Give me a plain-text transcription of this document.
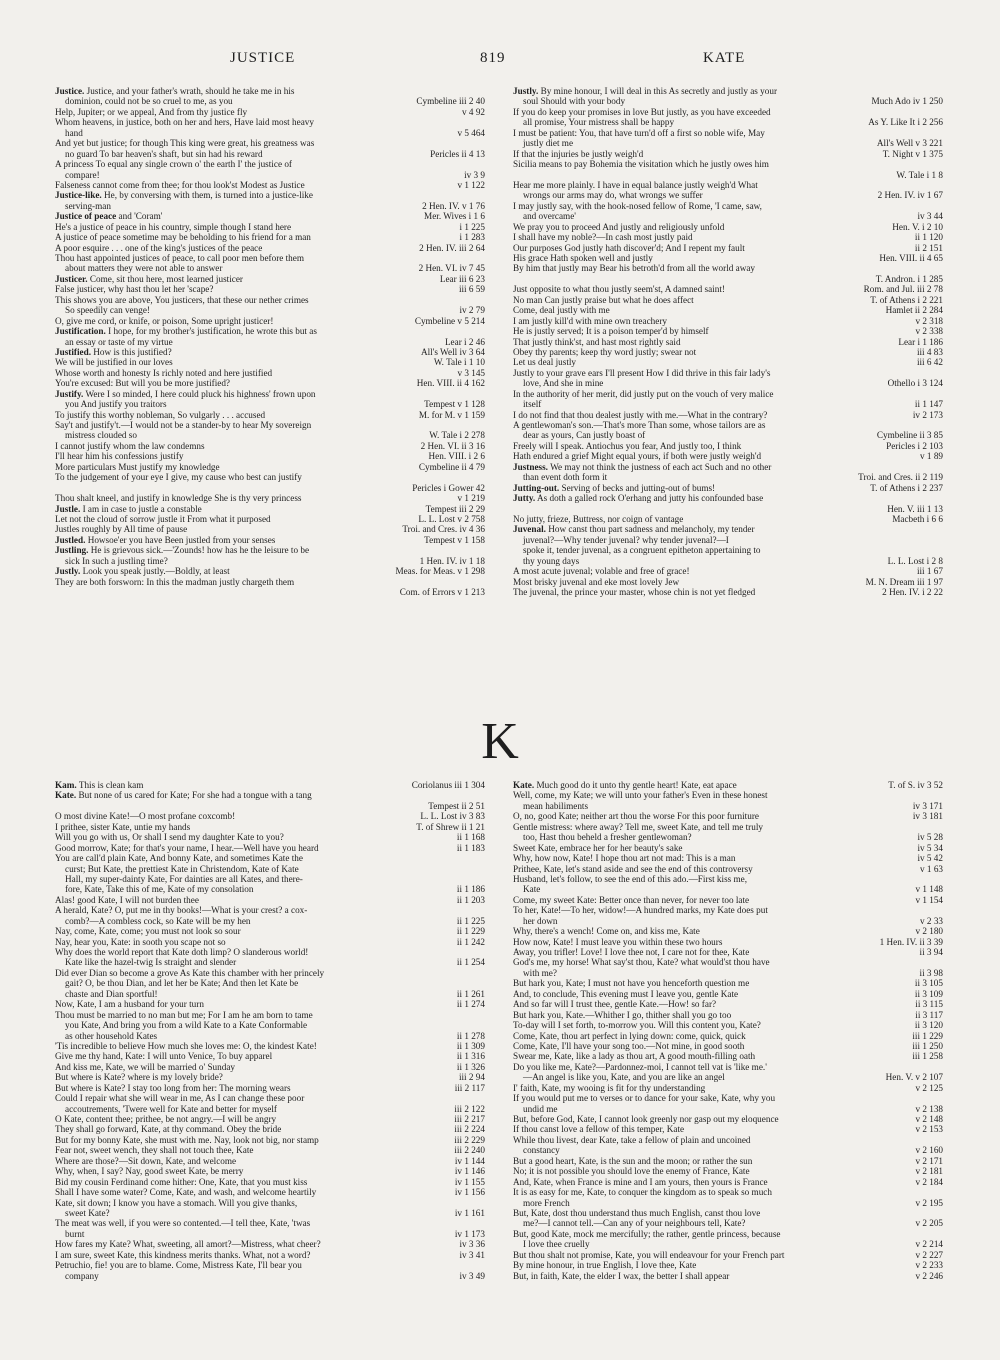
JUSTICE	819	KATE
Justice. Justice, and your father's wrath, should he take me in his
dominion, could not be so cruel to me, as you	Cymbeline iii 2 40
Help, Jupiter; or we appeal, And from thy justice fly	v 4 92
Whom heavens, in justice, both on her and hers, Have laid most heavy
hand	v 5 464
And yet but justice; for though This king were great, his greatness was
no guard To bar heaven's shaft, but sin had his reward	Pericles ii 4 13
A princess To equal any single crown o' the earth I' the justice of
compare!	iv 3 9
Falseness cannot come from thee; for thou look'st Modest as Justice	v 1 122
Justice-like. He, by conversing with them, is turned into a justice-like
serving-man	2 Hen. IV. v 1 76
Justice of peace and 'Coram'	Mer. Wives i 1 6
He's a justice of peace in his country, simple though I stand here	i 1 225
A justice of peace sometime may be beholding to his friend for a man	i 1 283
A poor esquire . . . one of the king's justices of the peace	2 Hen. IV. iii 2 64
Thou hast appointed justices of peace, to call poor men before them
about matters they were not able to answer	2 Hen. VI. iv 7 45
Justicer. Come, sit thou here, most learned justicer	Lear iii 6 23
False justicer, why hast thou let her 'scape?	iii 6 59
This shows you are above, You justicers, that these our nether crimes
So speedily can venge!	iv 2 79
O, give me cord, or knife, or poison, Some upright justicer!	Cymbeline v 5 214
Justification. I hope, for my brother's justification, he wrote this but as
an essay or taste of my virtue	Lear i 2 46
Justified. How is this justified?	All's Well iv 3 64
We will be justified in our loves	W. Tale i 1 10
Whose worth and honesty Is richly noted and here justified	v 3 145
You're excused: But will you be more justified?	Hen. VIII. ii 4 162
Justify. Were I so minded, I here could pluck his highness' frown upon
you And justify you traitors	Tempest v 1 128
To justify this worthy nobleman, So vulgarly . . . accused	M. for M. v 1 159
Say't and justify't.—I would not be a stander-by to hear My sovereign
mistress clouded so	W. Tale i 2 278
I cannot justify whom the law condemns	2 Hen. VI. ii 3 16
I'll hear him his confessions justify	Hen. VIII. i 2 6
More particulars Must justify my knowledge	Cymbeline ii 4 79
To the judgement of your eye I give, my cause who best can justify
Pericles i Gower 42
Thou shalt kneel, and justify in knowledge She is thy very princess	v 1 219
Justle. I am in case to justle a constable	Tempest iii 2 29
Let not the cloud of sorrow justle it From what it purposed	L. L. Lost v 2 758
Justles roughly by All time of pause	Troi. and Cres. iv 4 36
Justled. Howsoe'er you have Been justled from your senses	Tempest v 1 158
Justling. He is grievous sick.—'Zounds! how has he the leisure to be
sick In such a justling time?	1 Hen. IV. iv 1 18
Justly. Look you speak justly.—Boldly, at least	Meas. for Meas. v 1 298
They are both forsworn: In this the madman justly chargeth them
Com. of Errors v 1 213
Justly. By mine honour, I will deal in this As secretly and justly as your
soul Should with your body	Much Ado iv 1 250
If you do keep your promises in love But justly, as you have exceeded
all promise, Your mistress shall be happy	As Y. Like It i 2 256
I must be patient: You, that have turn'd off a first so noble wife, May
justly diet me	All's Well v 3 221
If that the injuries be justly weigh'd	T. Night v 1 375
Sicilia means to pay Bohemia the visitation which he justly owes him
W. Tale i 1 8
Hear me more plainly. I have in equal balance justly weigh'd What
wrongs our arms may do, what wrongs we suffer	2 Hen. IV. iv 1 67
I may justly say, with the hook-nosed fellow of Rome, 'I came, saw,
and overcame'	iv 3 44
We pray you to proceed And justly and religiously unfold	Hen. V. i 2 10
I shall have my noble?—In cash most justly paid	ii 1 120
Our purposes God justly hath discover'd; And I repent my fault	ii 2 151
His grace Hath spoken well and justly	Hen. VIII. ii 4 65
By him that justly may Bear his betroth'd from all the world away
T. Andron. i 1 285
Just opposite to what thou justly seem'st, A damned saint!	Rom. and Jul. iii 2 78
No man Can justly praise but what he does affect	T. of Athens i 2 221
Come, deal justly with me	Hamlet ii 2 284
I am justly kill'd with mine own treachery	v 2 318
He is justly served; It is a poison temper'd by himself	v 2 338
That justly think'st, and hast most rightly said	Lear i 1 186
Obey thy parents; keep thy word justly; swear not	iii 4 83
Let us deal justly	iii 6 42
Justly to your grave ears I'll present How I did thrive in this fair lady's
love, And she in mine	Othello i 3 124
In the authority of her merit, did justly put on the vouch of very malice
itself	ii 1 147
I do not find that thou dealest justly with me.—What in the contrary?	iv 2 173
A gentlewoman's son.—That's more Than some, whose tailors are as
dear as yours, Can justly boast of	Cymbeline ii 3 85
Freely will I speak. Antiochus you fear, And justly too, I think	Pericles i 2 103
Hath endured a grief Might equal yours, if both were justly weigh'd	v 1 89
Justness. We may not think the justness of each act Such and no other
than event doth form it	Troi. and Cres. ii 2 119
Jutting-out. Serving of becks and jutting-out of bums!	T. of Athens i 2 237
Jutty. As doth a galled rock O'erhang and jutty his confounded base
Hen. V. iii 1 13
No jutty, frieze, Buttress, nor coign of vantage	Macbeth i 6 6
Juvenal. How canst thou part sadness and melancholy, my tender
juvenal?—Why tender juvenal? why tender juvenal?—I
spoke it, tender juvenal, as a congruent epitheton appertaining to
thy young days	L. L. Lost i 2 8
A most acute juvenal; volable and free of grace!	iii 1 67
Most brisky juvenal and eke most lovely Jew	M. N. Dream iii 1 97
The juvenal, the prince your master, whose chin is not yet fledged	2 Hen. IV. i 2 22
K
Kam. This is clean kam	Coriolanus iii 1 304
Kate. But none of us cared for Kate; For she had a tongue with a tang
Tempest ii 2 51
O most divine Kate!—O most profane coxcomb!	L. L. Lost iv 3 83
I prithee, sister Kate, untie my hands	T. of Shrew ii 1 21
Will you go with us, Or shall I send my daughter Kate to you?	ii 1 168
Good morrow, Kate; for that's your name, I hear.—Well have you heard	ii 1 183
You are call'd plain Kate, And bonny Kate, and sometimes Kate the
curst; But Kate, the prettiest Kate in Christendom, Kate of Kate
Hall, my super-dainty Kate, For dainties are all Kates, and there-
fore, Kate, Take this of me, Kate of my consolation	ii 1 186
Alas! good Kate, I will not burden thee	ii 1 203
A herald, Kate? O, put me in thy books!—What is your crest? a cox-
comb?—A combless cock, so Kate will be my hen	ii 1 225
Nay, come, Kate, come; you must not look so sour	ii 1 229
Nay, hear you, Kate: in sooth you scape not so	ii 1 242
Why does the world report that Kate doth limp? O slanderous world!
Kate like the hazel-twig Is straight and slender	ii 1 254
Did ever Dian so become a grove As Kate this chamber with her princely
gait? O, be thou Dian, and let her be Kate; And then let Kate be
chaste and Dian sportful!	ii 1 261
Now, Kate, I am a husband for your turn	ii 1 274
Thou must be married to no man but me; For I am he am born to tame
you Kate, And bring you from a wild Kate to a Kate Conformable
as other household Kates	ii 1 278
'Tis incredible to believe How much she loves me: O, the kindest Kate!	ii 1 309
Give me thy hand, Kate: I will unto Venice, To buy apparel	ii 1 316
And kiss me, Kate, we will be married o' Sunday	ii 1 326
But where is Kate? where is my lovely bride?	iii 2 94
But where is Kate? I stay too long from her: The morning wears	iii 2 117
Could I repair what she will wear in me, As I can change these poor
accoutrements, 'Twere well for Kate and better for myself	iii 2 122
O Kate, content thee; prithee, be not angry.—I will be angry	iii 2 217
They shall go forward, Kate, at thy command. Obey the bride	iii 2 224
But for my bonny Kate, she must with me. Nay, look not big, nor stamp	iii 2 229
Fear not, sweet wench, they shall not touch thee, Kate	iii 2 240
Where are those?—Sit down, Kate, and welcome	iv 1 144
Why, when, I say? Nay, good sweet Kate, be merry	iv 1 146
Bid my cousin Ferdinand come hither: One, Kate, that you must kiss	iv 1 155
Shall I have some water? Come, Kate, and wash, and welcome heartily	iv 1 156
Kate, sit down; I know you have a stomach. Will you give thanks,
sweet Kate?	iv 1 161
The meat was well, if you were so contented.—I tell thee, Kate, 'twas
burnt	iv 1 173
How fares my Kate? What, sweeting, all amort?—Mistress, what cheer?	iv 3 36
I am sure, sweet Kate, this kindness merits thanks. What, not a word?	iv 3 41
Petruchio, fie! you are to blame. Come, Mistress Kate, I'll bear you
company	iv 3 49
Kate. Much good do it unto thy gentle heart! Kate, eat apace	T. of S. iv 3 52
Well, come, my Kate; we will unto your father's Even in these honest
mean habiliments	iv 3 171
O, no, good Kate; neither art thou the worse For this poor furniture	iv 3 181
Gentle mistress: where away? Tell me, sweet Kate, and tell me truly
too, Hast thou beheld a fresher gentlewoman?	iv 5 28
Sweet Kate, embrace her for her beauty's sake	iv 5 34
Why, how now, Kate! I hope thou art not mad: This is a man	iv 5 42
Prithee, Kate, let's stand aside and see the end of this controversy	v 1 63
Husband, let's follow, to see the end of this ado.—First kiss me,
Kate	v 1 148
Come, my sweet Kate: Better once than never, for never too late	v 1 154
To her, Kate!—To her, widow!—A hundred marks, my Kate does put
her down	v 2 33
Why, there's a wench! Come on, and kiss me, Kate	v 2 180
How now, Kate! I must leave you within these two hours	1 Hen. IV. ii 3 39
Away, you trifler! Love! I love thee not, I care not for thee, Kate	ii 3 94
God's me, my horse! What say'st thou, Kate? what would'st thou have
with me?	ii 3 98
But hark you, Kate; I must not have you henceforth question me	ii 3 105
And, to conclude, This evening must I leave you, gentle Kate	ii 3 109
And so far will I trust thee, gentle Kate.—How! so far?	ii 3 115
But hark you, Kate.—Whither I go, thither shall you go too	ii 3 117
To-day will I set forth, to-morrow you. Will this content you, Kate?	ii 3 120
Come, Kate, thou art perfect in lying down: come, quick, quick	iii 1 229
Come, Kate, I'll have your song too.—Not mine, in good sooth	iii 1 250
Swear me, Kate, like a lady as thou art, A good mouth-filling oath	iii 1 258
Do you like me, Kate?—Pardonnez-moi, I cannot tell vat is 'like me.'
—An angel is like you, Kate, and you are like an angel	Hen. V. v 2 107
I' faith, Kate, my wooing is fit for thy understanding	v 2 125
If you would put me to verses or to dance for your sake, Kate, why you
undid me	v 2 138
But, before God, Kate, I cannot look greenly nor gasp out my eloquence	v 2 148
If thou canst love a fellow of this temper, Kate	v 2 153
While thou livest, dear Kate, take a fellow of plain and uncoined
constancy	v 2 160
But a good heart, Kate, is the sun and the moon; or rather the sun	v 2 171
No; it is not possible you should love the enemy of France, Kate	v 2 181
And, Kate, when France is mine and I am yours, then yours is France	v 2 184
It is as easy for me, Kate, to conquer the kingdom as to speak so much
more French	v 2 195
But, Kate, dost thou understand thus much English, canst thou love
me?—I cannot tell.—Can any of your neighbours tell, Kate?	v 2 205
But, good Kate, mock me mercifully; the rather, gentle princess, because
I love thee cruelly	v 2 214
But thou shalt not promise, Kate, you will endeavour for your French part	v 2 227
By mine honour, in true English, I love thee, Kate	v 2 233
But, in faith, Kate, the elder I wax, the better I shall appear	v 2 246
